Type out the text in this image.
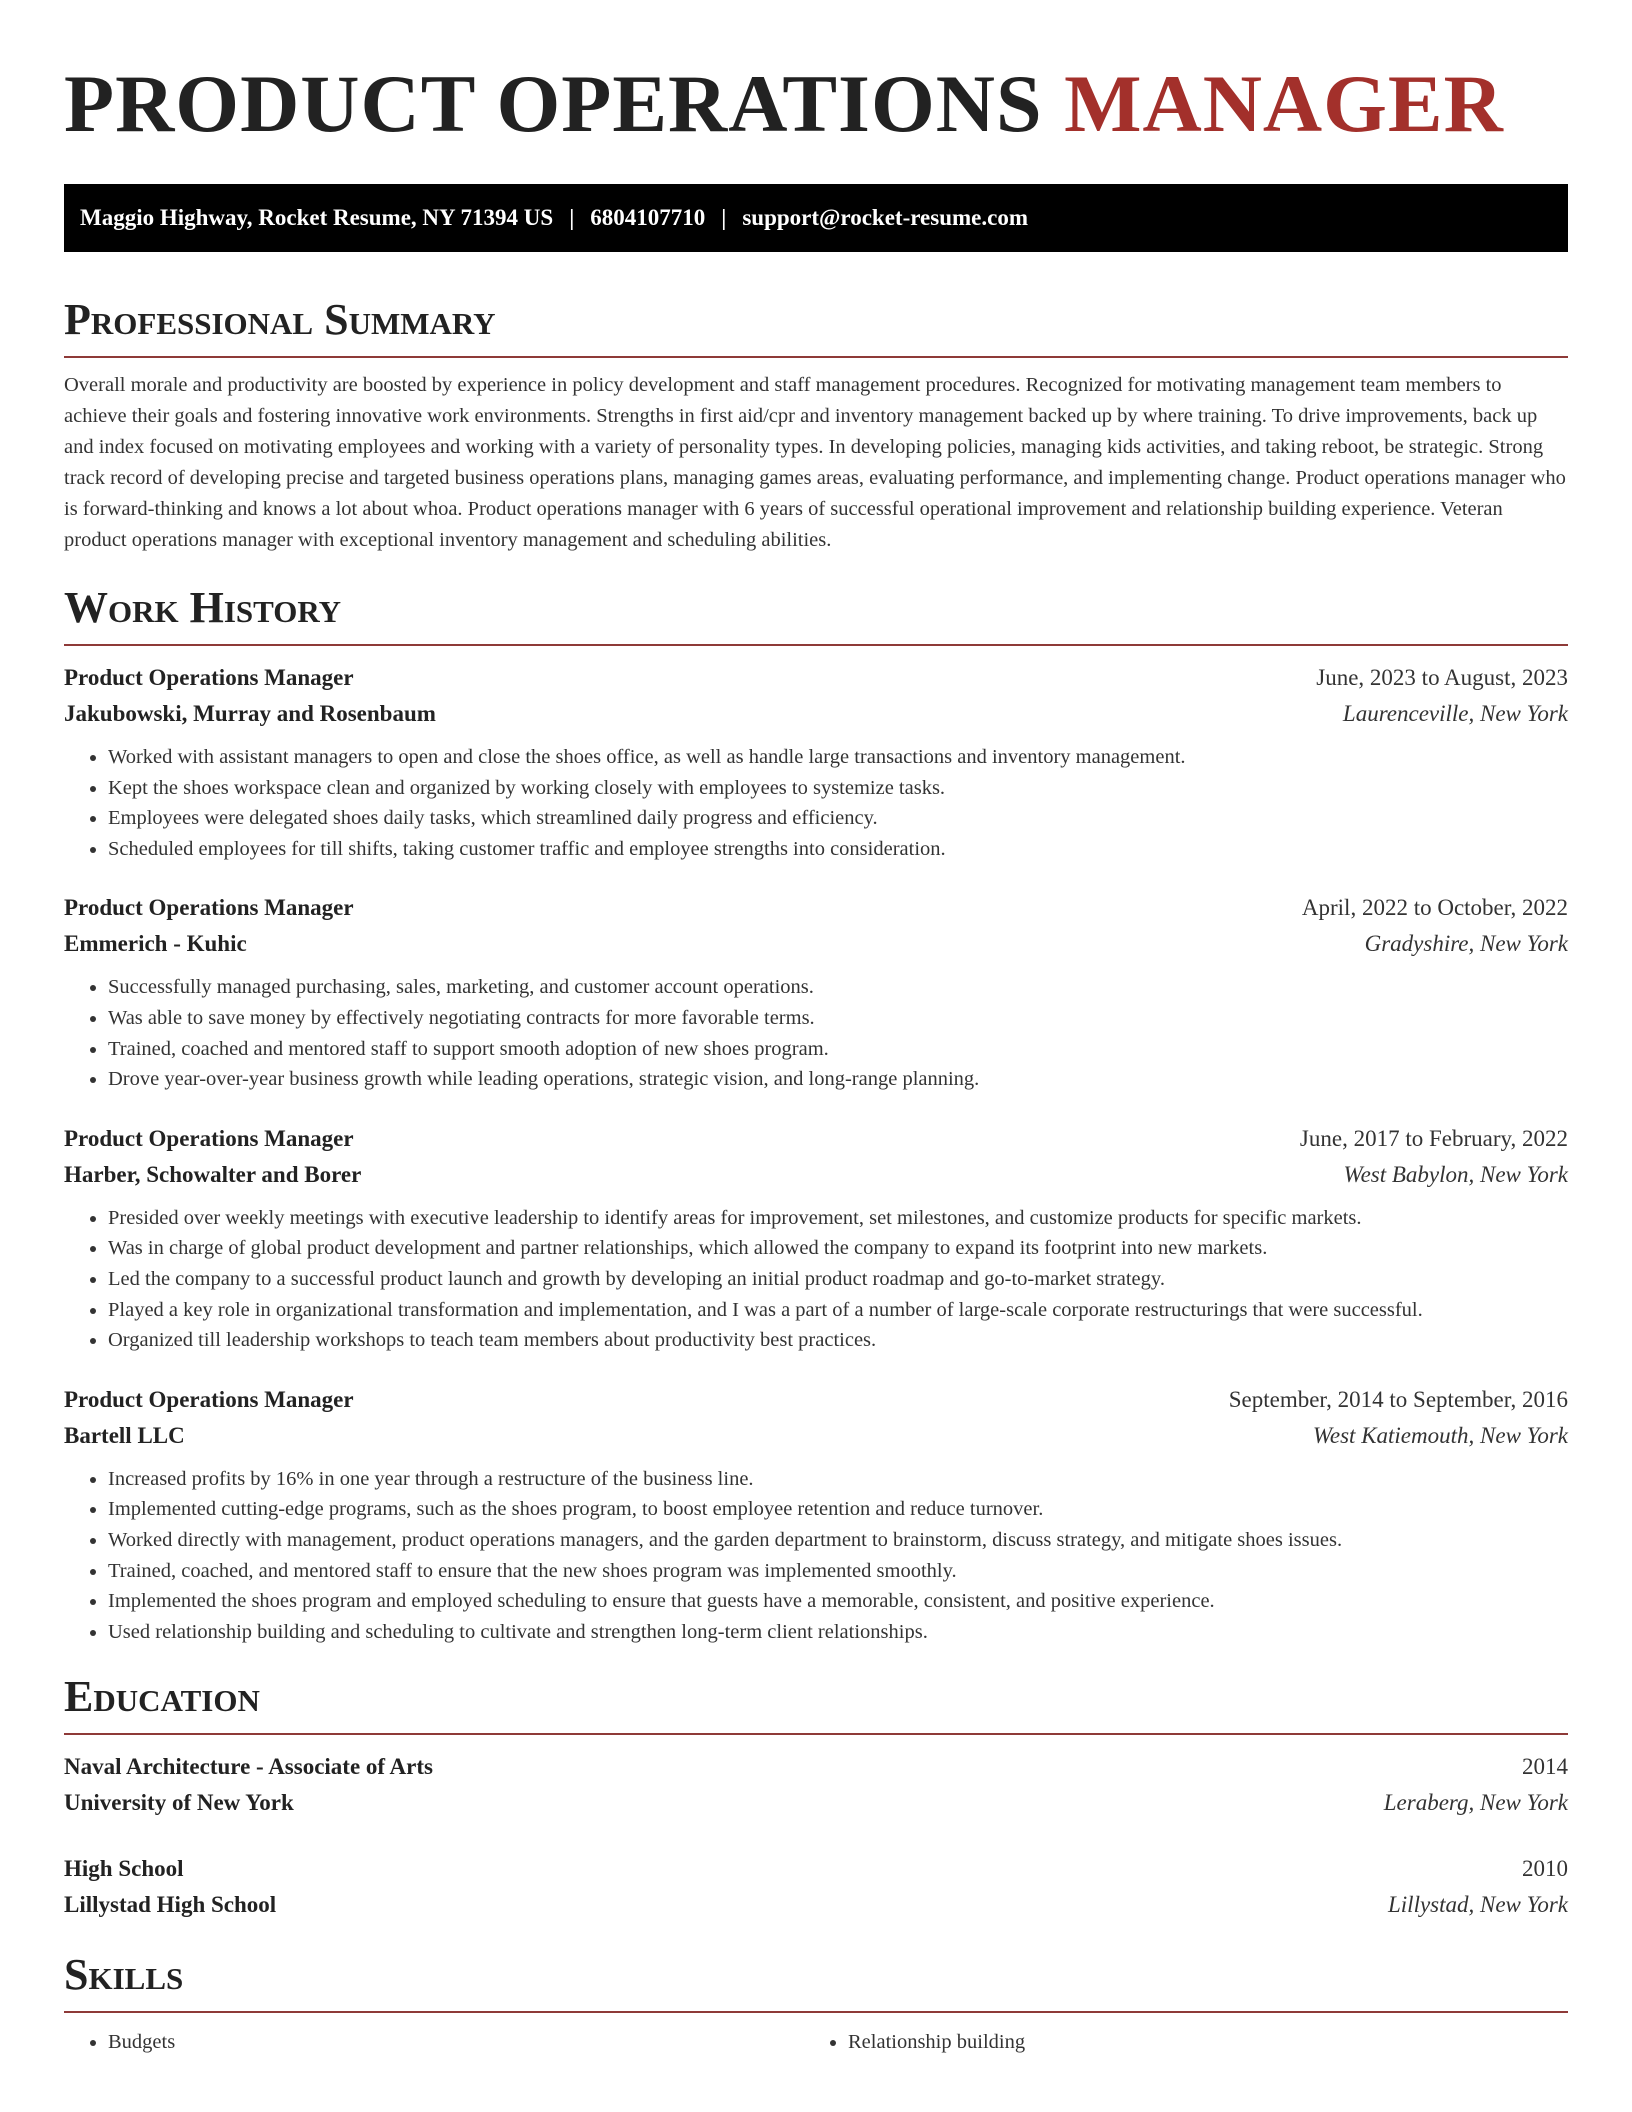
PRODUCT OPERATIONS MANAGER
Maggio Highway, Rocket Resume, NY 71394 US | 6804107710 | support@rocket-resume.com
Professional Summary

Overall morale and productivity are boosted by experience in policy development and staff management procedures. Recognized for motivating management team members to achieve their goals and fostering innovative work environments. Strengths in first aid/cpr and inventory management backed up by where training. To drive improvements, back up and index focused on motivating employees and working with a variety of personality types. In developing policies, managing kids activities, and taking reboot, be strategic. Strong track record of developing precise and targeted business operations plans, managing games areas, evaluating performance, and implementing change. Product operations manager who is forward-thinking and knows a lot about whoa. Product operations manager with 6 years of successful operational improvement and relationship building experience. Veteran product operations manager with exceptional inventory management and scheduling abilities.

Work History
Product Operations Manager	June, 2023 to August, 2023
Jakubowski, Murray and Rosenbaum	Laurenceville, New York
• Worked with assistant managers to open and close the shoes office, as well as handle large transactions and inventory management.
• Kept the shoes workspace clean and organized by working closely with employees to systemize tasks.
• Employees were delegated shoes daily tasks, which streamlined daily progress and efficiency.
• Scheduled employees for till shifts, taking customer traffic and employee strengths into consideration.
Product Operations Manager	April, 2022 to October, 2022
Emmerich - Kuhic	Gradyshire, New York
• Successfully managed purchasing, sales, marketing, and customer account operations.
• Was able to save money by effectively negotiating contracts for more favorable terms.
• Trained, coached and mentored staff to support smooth adoption of new shoes program.
• Drove year-over-year business growth while leading operations, strategic vision, and long-range planning.
Product Operations Manager	June, 2017 to February, 2022
Harber, Schowalter and Borer	West Babylon, New York
• Presided over weekly meetings with executive leadership to identify areas for improvement, set milestones, and customize products for specific markets.
• Was in charge of global product development and partner relationships, which allowed the company to expand its footprint into new markets.
• Led the company to a successful product launch and growth by developing an initial product roadmap and go-to-market strategy.
• Played a key role in organizational transformation and implementation, and I was a part of a number of large-scale corporate restructurings that were successful.
• Organized till leadership workshops to teach team members about productivity best practices.
Product Operations Manager	September, 2014 to September, 2016
Bartell LLC	West Katiemouth, New York
• Increased profits by 16% in one year through a restructure of the business line.
• Implemented cutting-edge programs, such as the shoes program, to boost employee retention and reduce turnover.
• Worked directly with management, product operations managers, and the garden department to brainstorm, discuss strategy, and mitigate shoes issues.
• Trained, coached, and mentored staff to ensure that the new shoes program was implemented smoothly.
• Implemented the shoes program and employed scheduling to ensure that guests have a memorable, consistent, and positive experience.
• Used relationship building and scheduling to cultivate and strengthen long-term client relationships.
Education
Naval Architecture - Associate of Arts	2014
University of New York	Leraberg, New York
High School	2010
Lillystad High School	Lillystad, New York
Skills
• Budgets
•	Relationship building
